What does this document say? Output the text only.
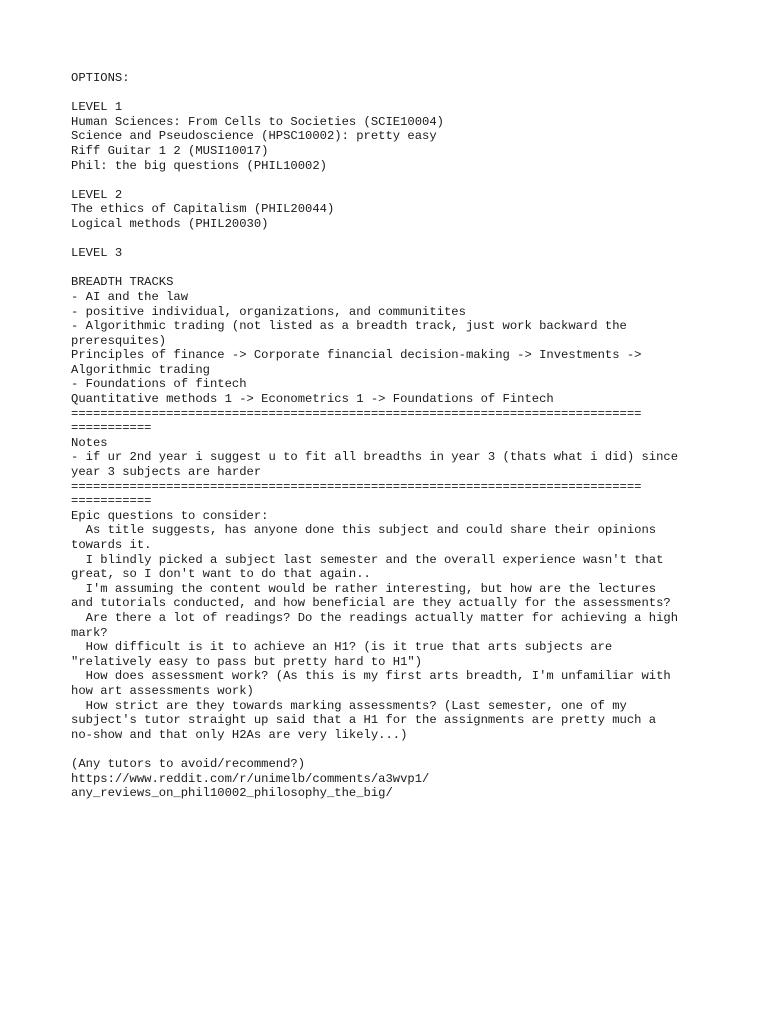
OPTIONS:
LEVEL 1
Human Sciences: From Cells to Societies (SCIE10004)
Science and Pseudoscience (HPSC10002): pretty easy
Riff Guitar 1 2 (MUSI10017)
Phil: the big questions (PHIL10002)
LEVEL 2
The ethics of Capitalism (PHIL20044)
Logical methods (PHIL20030)
LEVEL 3
BREADTH TRACKS
- AI and the law
- positive individual, organizations, and communitites
- Algorithmic trading (not listed as a breadth track, just work backward the
preresquites)
Principles of finance -> Corporate financial decision-making -> Investments ->
Algorithmic trading
- Foundations of fintech
Quantitative methods 1 -> Econometrics 1 -> Foundations of Fintech
==============================================================================
===========
Notes
- if ur 2nd year i suggest u to fit all breadths in year 3 (thats what i did) since
year 3 subjects are harder
==============================================================================
===========
Epic questions to consider:
As title suggests, has anyone done this subject and could share their opinions
towards it.
I blindly picked a subject last semester and the overall experience wasn't that
great, so I don't want to do that again..
I'm assuming the content would be rather interesting, but how are the lectures
and tutorials conducted, and how beneficial are they actually for the assessments?
Are there a lot of readings? Do the readings actually matter for achieving a high
mark?
How difficult is it to achieve an H1? (is it true that arts subjects are
"relatively easy to pass but pretty hard to H1")
How does assessment work? (As this is my first arts breadth, I'm unfamiliar with
how art assessments work)
How strict are they towards marking assessments? (Last semester, one of my
subject's tutor straight up said that a H1 for the assignments are pretty much a
no-show and that only H2As are very likely...)
(Any tutors to avoid/recommend?)
https://www.reddit.com/r/unimelb/comments/a3wvp1/
any_reviews_on_phil10002_philosophy_the_big/
